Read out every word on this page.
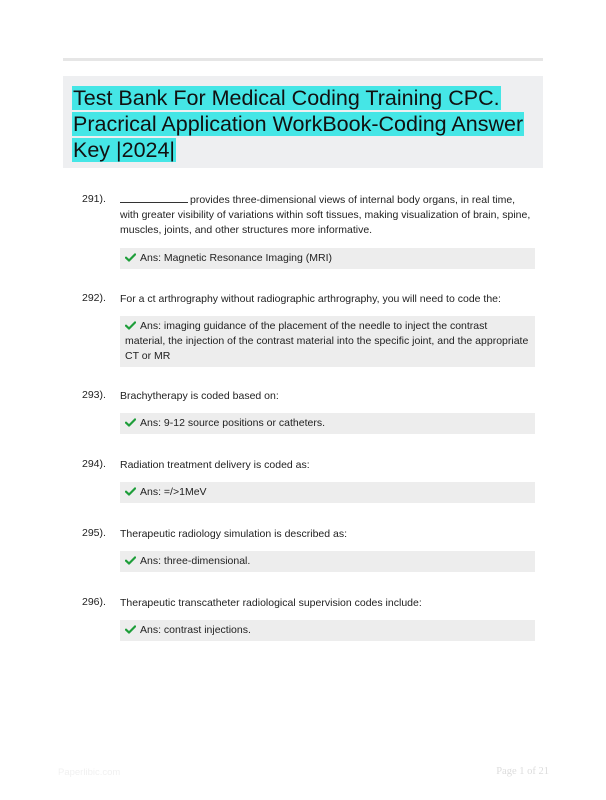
Test Bank For Medical Coding Training CPC. Pracrical Application WorkBook-Coding Answer Key |2024|
291).	provides three-dimensional views of internal body organs, in real time, with greater visibility of variations within soft tissues, making visualization of brain, spine, muscles, joints, and other structures more informative.
Ans: Magnetic Resonance Imaging (MRI)
292). For a ct arthrography without radiographic arthrography, you will need to code the:
Ans: imaging guidance of the placement of the needle to inject the contrast material, the injection of the contrast material into the specific joint, and the appropriate CT or MR
293). Brachytherapy is coded based on:
Ans: 9-12 source positions or catheters.
294). Radiation treatment delivery is coded as:
Ans: =/>1MeV
295). Therapeutic radiology simulation is described as:
Ans: three-dimensional.
296). Therapeutic transcatheter radiological supervision codes include:
Ans: contrast injections.
Paperlibic.com	Page 1 of 21
